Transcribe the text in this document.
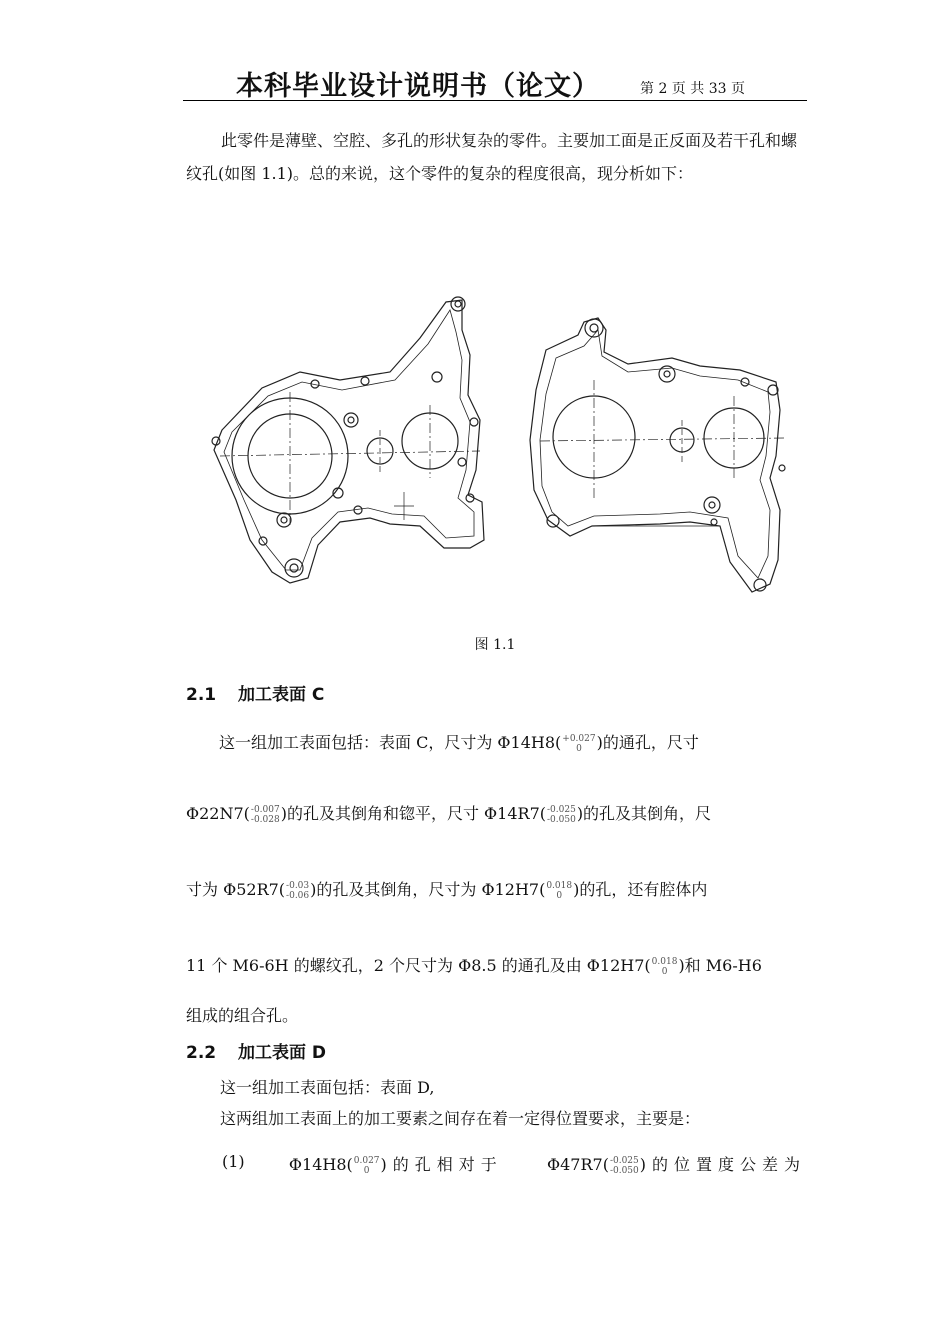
本科毕业设计说明书（论文）	第 2 页 共 33 页
此零件是薄壁、空腔、多孔的形状复杂的零件。主要加工面是正反面及若干孔和螺纹孔(如图 1.1)。总的来说，这个零件的复杂的程度很高，现分析如下：
图 1.1
2.1 加工表面 C
这一组加工表面包括：表面 C，尺寸为 Φ14H8( +0.027
0 )的通孔，尺寸
Φ22N7( -0.007
-0.028 )的孔及其倒角和锪平，尺寸 Φ14R7( -0.025
-0.050 )的孔及其倒角，尺
寸为 Φ52R7( -0.03
-0.06 )的孔及其倒角，尺寸为 Φ12H7( 0.018
0 )的孔，还有腔体内
11 个 M6-6H 的螺纹孔，2 个尺寸为 Φ8.5 的通孔及由 Φ12H7( 0.018
0 )和 M6-H6
组成的组合孔。
2.2 加工表面 D
这一组加工表面包括：表面 D,
这两组加工表面上的加工要素之间存在着一定得位置要求，主要是：
(1)	Φ14H8( 0.027
0 )的孔相对于	Φ47R7( -0.025
-0.050 )的位置度公差为
